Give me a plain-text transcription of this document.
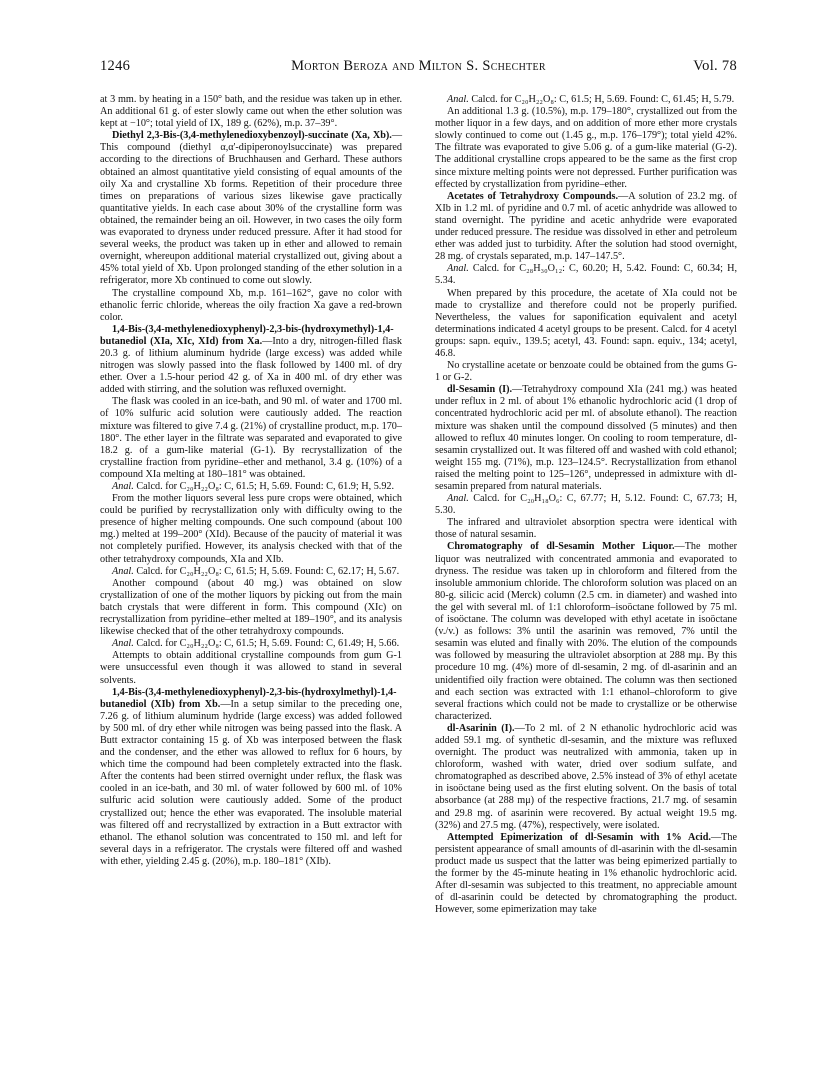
1246	Morton Beroza and Milton S. Schechter	Vol. 78

at 3 mm. by heating in a 150° bath, and the residue was taken up in ether. An additional 61 g. of ester slowly came out when the ether solution was kept at −10°; total yield of IX, 189 g. (62%), m.p. 37–39°.

Diethyl 2,3-Bis-(3,4-methylenedioxybenzoyl)-succinate (Xa, Xb).—This compound (diethyl α,α'-dipiperonoylsuccinate) was prepared according to the directions of Bruchhausen and Gerhard. These authors obtained an almost quantitative yield consisting of equal amounts of the oily Xa and crystalline Xb forms. Repetition of their procedure three times on preparations of various sizes likewise gave practically quantitative yields. In each case about 30% of the crystalline form was obtained, the remainder being an oil. However, in two cases the oily form was evaporated to dryness under reduced pressure. After it had stood for several weeks, the product was taken up in ether and allowed to remain overnight, whereupon additional material crystallized out, giving about a 45% total yield of Xb. Upon prolonged standing of the ether solution in a refrigerator, more Xb continued to come out slowly.

The crystalline compound Xb, m.p. 161–162°, gave no color with ethanolic ferric chloride, whereas the oily fraction Xa gave a red-brown color.

1,4-Bis-(3,4-methylenedioxyphenyl)-2,3-bis-(hydroxymethyl)-1,4-butanediol (XIa, XIc, XId) from Xa.—Into a dry, nitrogen-filled flask 20.3 g. of lithium aluminum hydride (large excess) was added while nitrogen was slowly passed into the flask followed by 1400 ml. of dry ether. Over a 1.5-hour period 42 g. of Xa in 400 ml. of dry ether was added with stirring, and the solution was refluxed overnight.

The flask was cooled in an ice-bath, and 90 ml. of water and 1700 ml. of 10% sulfuric acid solution were cautiously added. The reaction mixture was filtered to give 7.4 g. (21%) of crystalline product, m.p. 170–180°. The ether layer in the filtrate was separated and evaporated to give 18.2 g. of a gum-like material (G-1). By recrystallization of the crystalline fraction from pyridine–ether and methanol, 3.4 g. (10%) of a compound XIa melting at 180–181° was obtained.

Anal. Calcd. for C₂₀H₂₂O₈: C, 61.5; H, 5.69. Found: C, 61.9; H, 5.92.

From the mother liquors several less pure crops were obtained, which could be purified by recrystallization only with difficulty owing to the presence of higher melting compounds. One such compound (about 100 mg.) melted at 199–200° (XId). Because of the paucity of material it was not completely purified. However, its analysis checked with that of the other tetrahydroxy compounds, XIa and XIb.

Anal. Calcd. for C₂₀H₂₂O₈: C, 61.5; H, 5.69. Found: C, 62.17; H, 5.67.

Another compound (about 40 mg.) was obtained on slow crystallization of one of the mother liquors by picking out from the main batch crystals that were different in form. This compound (XIc) on recrystallization from pyridine–ether melted at 189–190°, and its analysis likewise checked that of the other tetrahydroxy compounds.

Anal. Calcd. for C₂₀H₂₂O₈: C, 61.5; H, 5.69. Found: C, 61.49; H, 5.66.

Attempts to obtain additional crystalline compounds from gum G-1 were unsuccessful even though it was allowed to stand in several solvents.

1,4-Bis-(3,4-methylenedioxyphenyl)-2,3-bis-(hydroxylmethyl)-1,4-butanediol (XIb) from Xb.—In a setup similar to the preceding one, 7.26 g. of lithium aluminum hydride (large excess) was added followed by 500 ml. of dry ether while nitrogen was being passed into the flask. A Butt extractor containing 15 g. of Xb was interposed between the flask and the condenser, and the ether was allowed to reflux for 6 hours, by which time the compound had been completely extracted into the flask. After the contents had been stirred overnight under reflux, the flask was cooled in an ice-bath, and 30 ml. of water followed by 600 ml. of 10% sulfuric acid solution were cautiously added. Some of the product crystallized out; hence the ether was evaporated. The insoluble material was filtered off and recrystallized by extraction in a Butt extractor with ethanol. The ethanol solution was concentrated to 150 ml. and left for several days in a refrigerator. The crystals were filtered off and washed with ether, yielding 2.45 g. (20%), m.p. 180–181° (XIb).

Anal. Calcd. for C₂₀H₂₂O₈: C, 61.5; H, 5.69. Found: C, 61.45; H, 5.79.

An additional 1.3 g. (10.5%), m.p. 179–180°, crystallized out from the mother liquor in a few days, and on addition of more ether more crystals slowly continued to come out (1.45 g., m.p. 176–179°); total yield 42%. The filtrate was evaporated to give 5.06 g. of a gum-like material (G-2). The additional crystalline crops appeared to be the same as the first crop since mixture melting points were not depressed. Further purification was effected by crystallization from pyridine–ether.

Acetates of Tetrahydroxy Compounds.—A solution of 23.2 mg. of XIb in 1.2 ml. of pyridine and 0.7 ml. of acetic anhydride was allowed to stand overnight. The pyridine and acetic anhydride were evaporated under reduced pressure. The residue was dissolved in ether and petroleum ether was added just to turbidity. After the solution had stood overnight, 28 mg. of crystals separated, m.p. 147–147.5°.

Anal. Calcd. for C₂₈H₃₀O₁₂: C, 60.20; H, 5.42. Found: C, 60.34; H, 5.34.

When prepared by this procedure, the acetate of XIa could not be made to crystallize and therefore could not be properly purified. Nevertheless, the values for saponification equivalent and acetyl determinations indicated 4 acetyl groups to be present. Calcd. for 4 acetyl groups: sapn. equiv., 139.5; acetyl, 43. Found: sapn. equiv., 134; acetyl, 46.8.

No crystalline acetate or benzoate could be obtained from the gums G-1 or G-2.

dl-Sesamin (I).—Tetrahydroxy compound XIa (241 mg.) was heated under reflux in 2 ml. of about 1% ethanolic hydrochloric acid (1 drop of concentrated hydrochloric acid per ml. of absolute ethanol). The reaction mixture was shaken until the compound dissolved (5 minutes) and then allowed to reflux 40 minutes longer. On cooling to room temperature, dl-sesamin crystallized out. It was filtered off and washed with cold ethanol; weight 155 mg. (71%), m.p. 123–124.5°. Recrystallization from ethanol raised the melting point to 125–126°, undepressed in admixture with dl-sesamin prepared from natural materials.

Anal. Calcd. for C₂₀H₁₈O₆: C, 67.77; H, 5.12. Found: C, 67.73; H, 5.30.

The infrared and ultraviolet absorption spectra were identical with those of natural sesamin.

Chromatography of dl-Sesamin Mother Liquor.—The mother liquor was neutralized with concentrated ammonia and evaporated to dryness. The residue was taken up in chloroform and filtered from the insoluble ammonium chloride. The chloroform solution was placed on an 80-g. silicic acid (Merck) column (2.5 cm. in diameter) and washed into the gel with several ml. of 1:1 chloroform–isoöctane followed by 75 ml. of isoöctane. The column was developed with ethyl acetate in isoöctane (v./v.) as follows: 3% until the asarinin was removed, 7% until the sesamin was eluted and finally with 20%. The elution of the compounds was followed by measuring the ultraviolet absorption at 288 mμ. By this procedure 10 mg. (4%) more of dl-sesamin, 2 mg. of dl-asarinin and an unidentified oily fraction were obtained. The column was then sectioned and each section was extracted with 1:1 ethanol–chloroform to give several fractions which could not be made to crystallize or be otherwise characterized.

dl-Asarinin (I).—To 2 ml. of 2 N ethanolic hydrochloric acid was added 59.1 mg. of synthetic dl-sesamin, and the mixture was refluxed overnight. The product was neutralized with ammonia, taken up in chloroform, washed with water, dried over sodium sulfate, and chromatographed as described above, 2.5% instead of 3% of ethyl acetate in isoöctane being used as the first eluting solvent. On the basis of total absorbance (at 288 mμ) of the respective fractions, 21.7 mg. of sesamin and 29.8 mg. of asarinin were recovered. By actual weight 19.5 mg. (32%) and 27.5 mg. (47%), respectively, were isolated.

Attempted Epimerization of dl-Sesamin with 1% Acid.—The persistent appearance of small amounts of dl-asarinin with the dl-sesamin product made us suspect that the latter was being epimerized partially to the former by the 45-minute heating in 1% ethanolic hydrochloric acid. After dl-sesamin was subjected to this treatment, no appreciable amount of dl-asarinin could be detected by chromatographing the product. However, some epimerization may take
